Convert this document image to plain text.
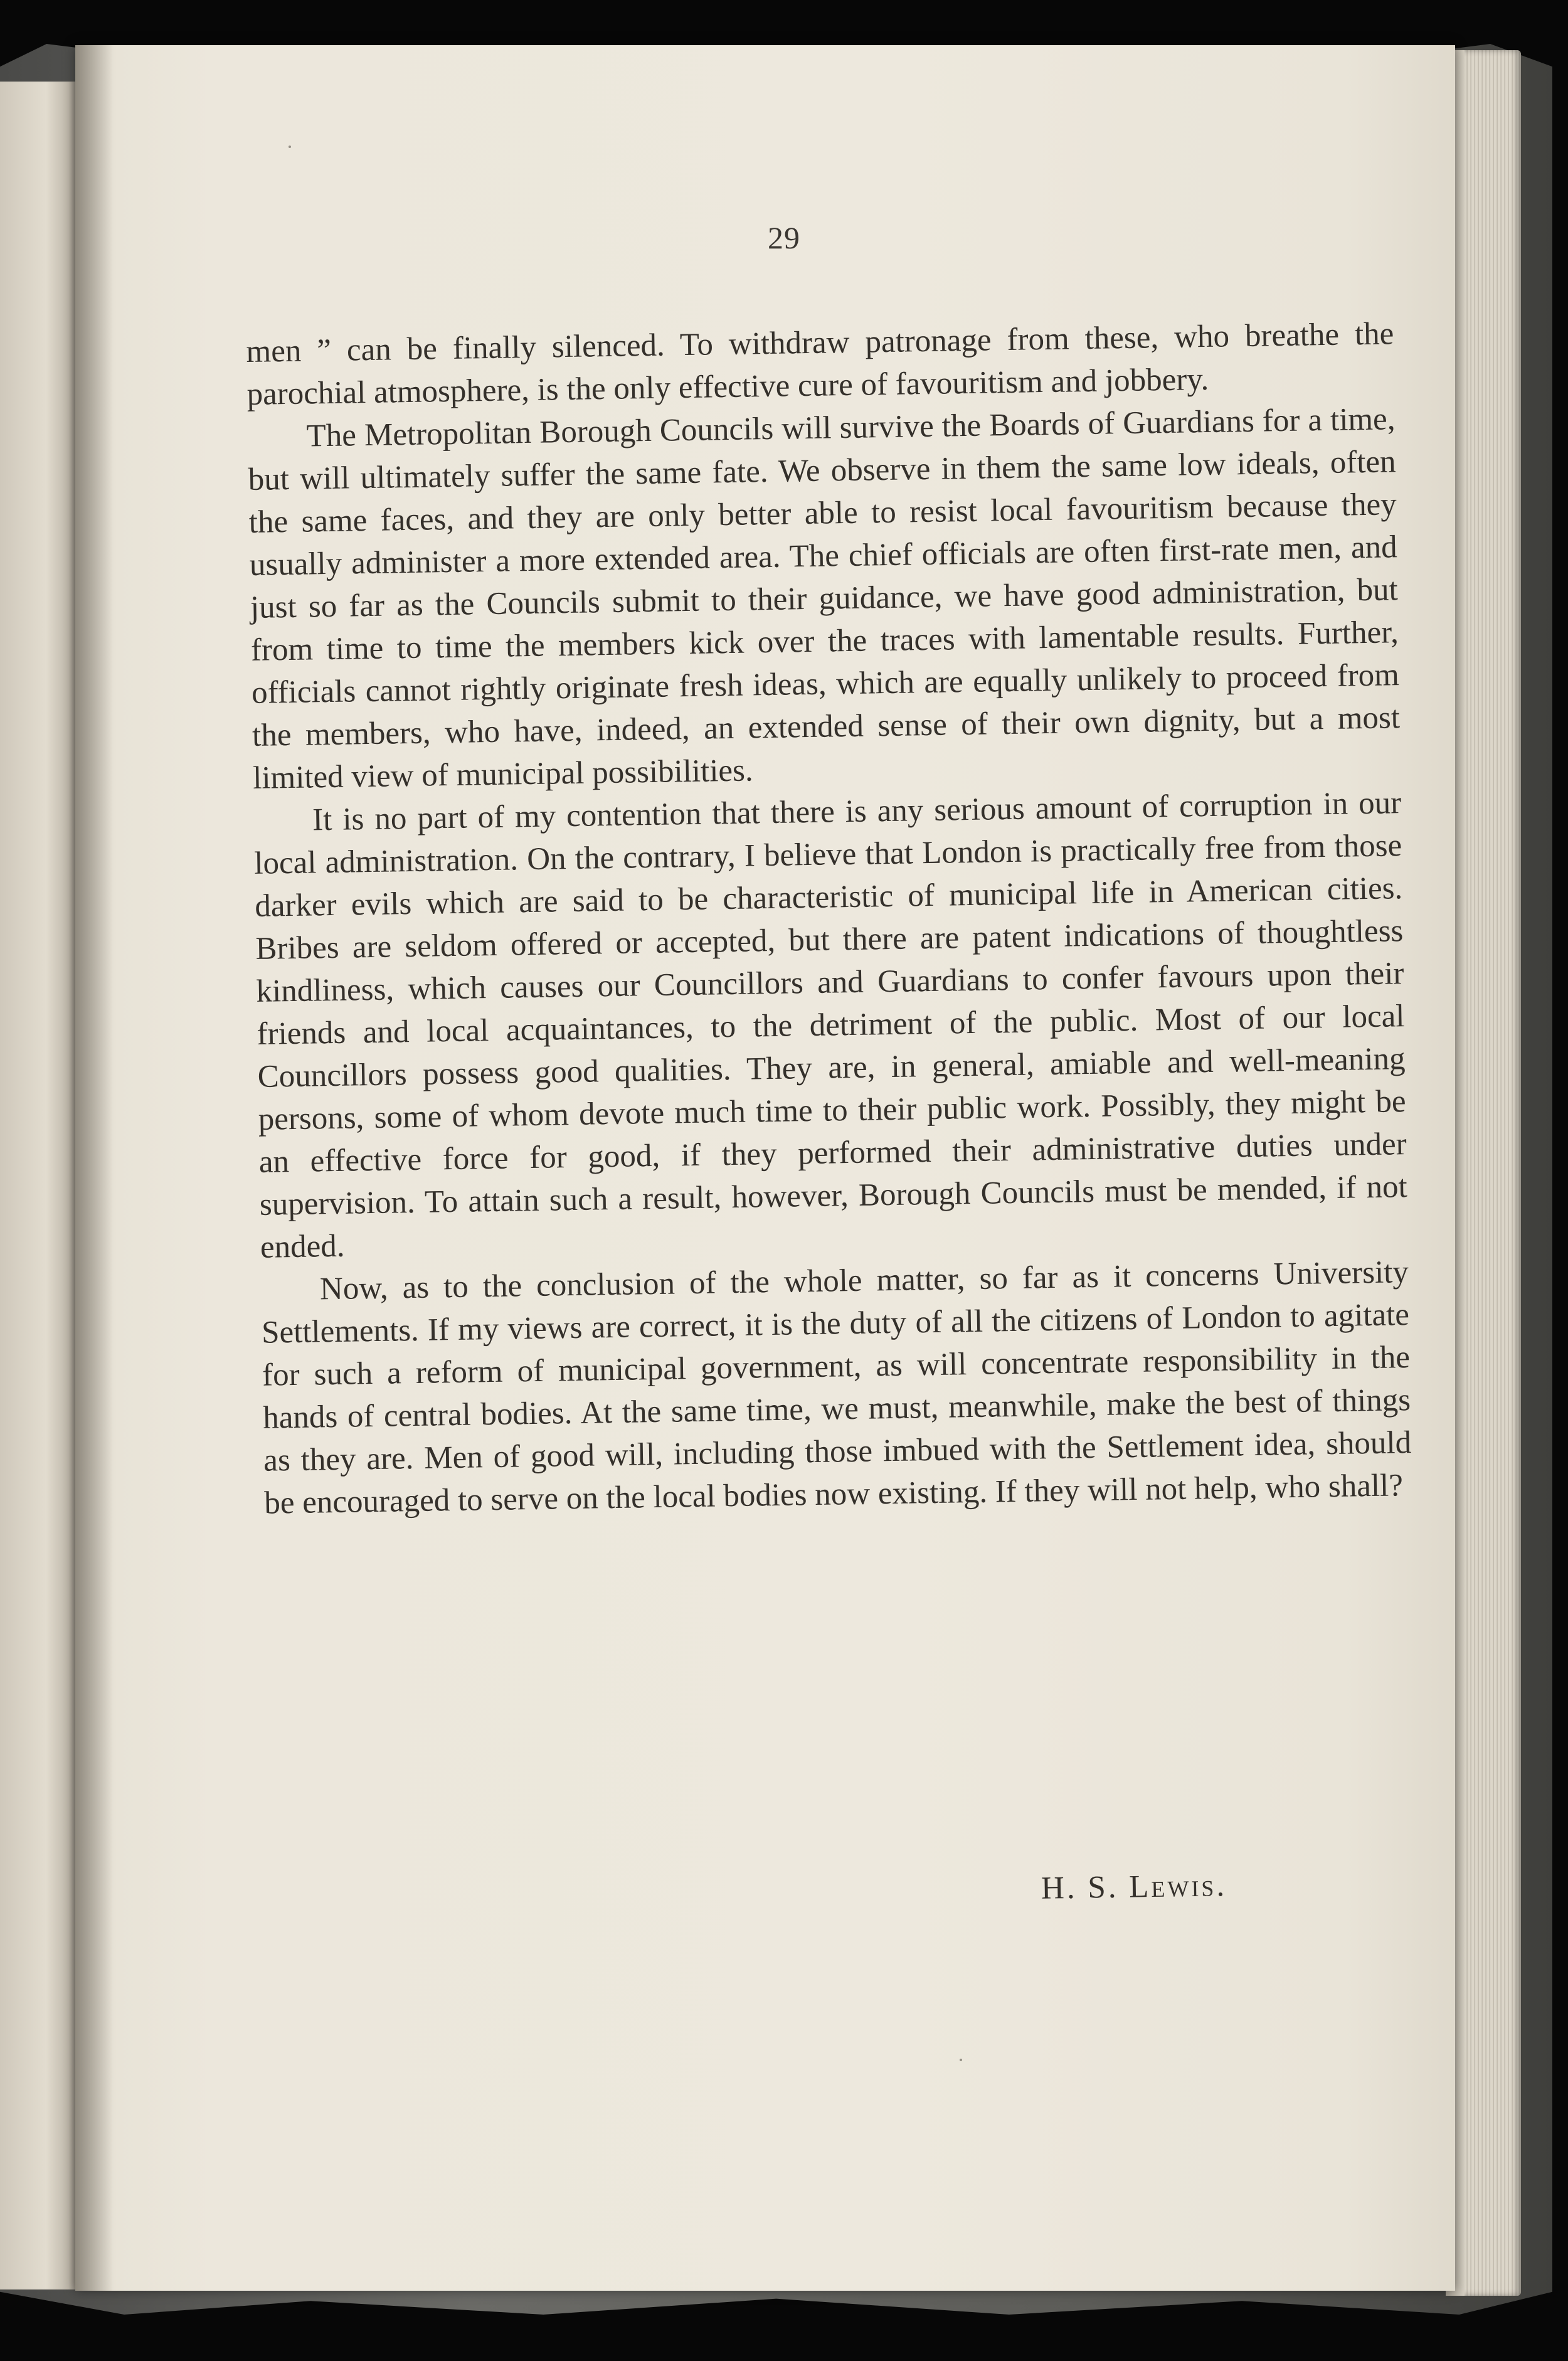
29

men ” can be finally silenced. To withdraw patronage from these, who breathe the parochial atmosphere, is the only effective cure of favouritism and jobbery.

The Metropolitan Borough Councils will survive the Boards of Guardians for a time, but will ultimately suffer the same fate. We observe in them the same low ideals, often the same faces, and they are only better able to resist local favouritism because they usually administer a more extended area. The chief officials are often first-rate men, and just so far as the Councils submit to their guidance, we have good administration, but from time to time the members kick over the traces with lamentable results. Further, officials cannot rightly originate fresh ideas, which are equally unlikely to proceed from the members, who have, indeed, an extended sense of their own dignity, but a most limited view of municipal possibilities.

It is no part of my contention that there is any serious amount of corruption in our local administration. On the contrary, I believe that London is practically free from those darker evils which are said to be characteristic of municipal life in American cities. Bribes are seldom offered or accepted, but there are patent indications of thoughtless kindliness, which causes our Councillors and Guardians to confer favours upon their friends and local acquaintances, to the detriment of the public. Most of our local Councillors possess good qualities. They are, in general, amiable and well-meaning persons, some of whom devote much time to their public work. Possibly, they might be an effective force for good, if they performed their administrative duties under supervision. To attain such a result, however, Borough Councils must be mended, if not ended.

Now, as to the conclusion of the whole matter, so far as it concerns University Settlements. If my views are correct, it is the duty of all the citizens of London to agitate for such a reform of municipal government, as will concentrate responsibility in the hands of central bodies. At the same time, we must, meanwhile, make the best of things as they are. Men of good will, including those imbued with the Settlement idea, should be encouraged to serve on the local bodies now existing. If they will not help, who shall?

H. S. Lewis.
